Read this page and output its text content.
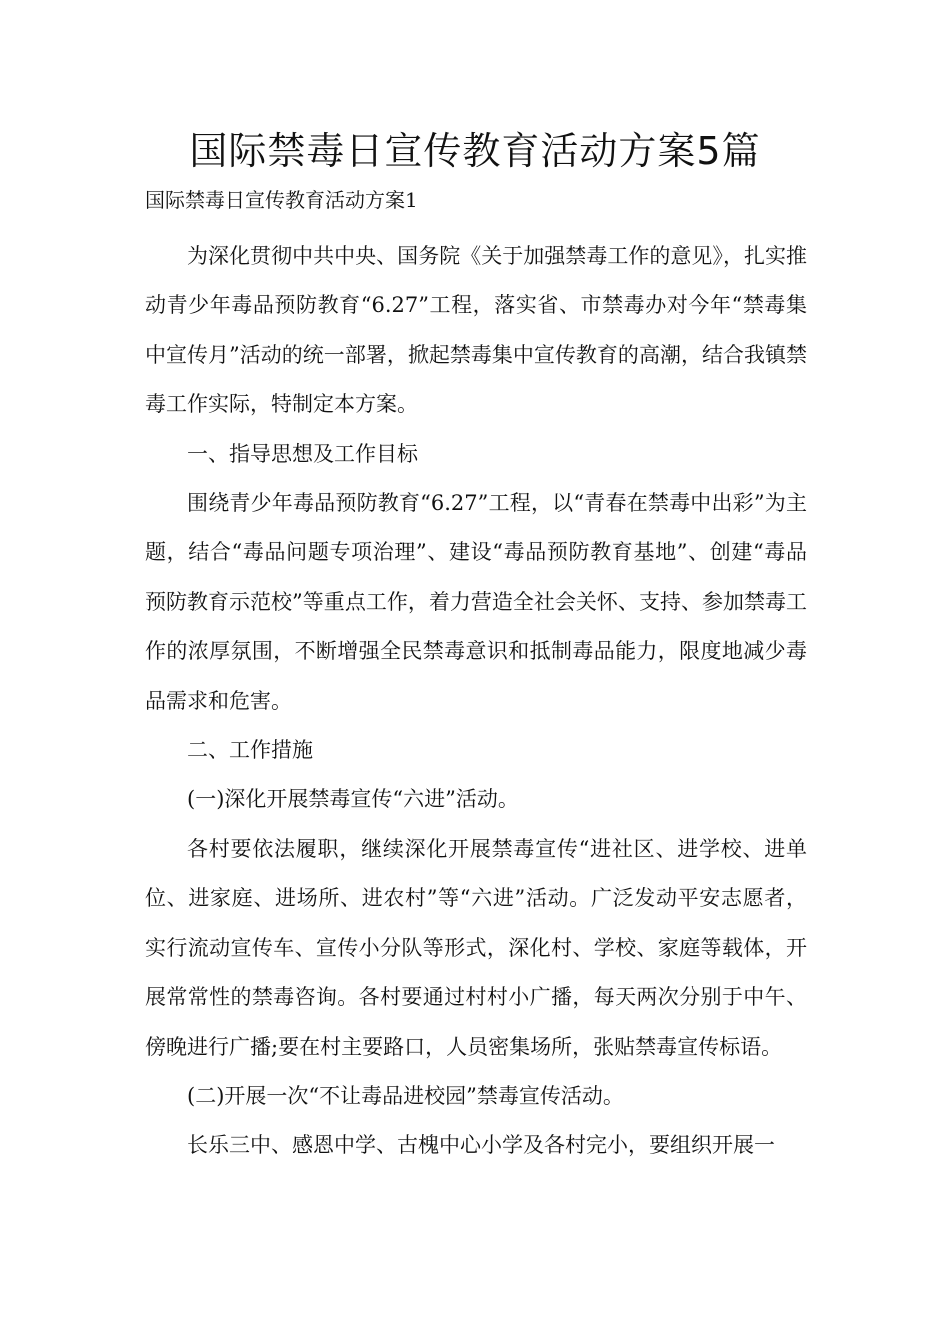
国际禁毒日宣传教育活动方案5篇
国际禁毒日宣传教育活动方案1

为深化贯彻中共中央、国务院《关于加强禁毒工作的意见》，扎实推动青少年毒品预防教育“6.27”工程，落实省、市禁毒办对今年“禁毒集中宣传月”活动的统一部署，掀起禁毒集中宣传教育的高潮，结合我镇禁毒工作实际，特制定本方案。

一、指导思想及工作目标

围绕青少年毒品预防教育“6.27”工程，以“青春在禁毒中出彩”为主题，结合“毒品问题专项治理”、建设“毒品预防教育基地”、创建“毒品预防教育示范校”等重点工作，着力营造全社会关怀、支持、参加禁毒工作的浓厚氛围，不断增强全民禁毒意识和抵制毒品能力，限度地减少毒品需求和危害。

二、工作措施

(一)深化开展禁毒宣传“六进”活动。

各村要依法履职，继续深化开展禁毒宣传“进社区、进学校、进单位、进家庭、进场所、进农村”等“六进”活动。广泛发动平安志愿者，实行流动宣传车、宣传小分队等形式，深化村、学校、家庭等载体，开展常常性的禁毒咨询。各村要通过村村小广播，每天两次分别于中午、傍晚进行广播;要在村主要路口，人员密集场所，张贴禁毒宣传标语。

(二)开展一次“不让毒品进校园”禁毒宣传活动。

长乐三中、感恩中学、古槐中心小学及各村完小，要组织开展一
